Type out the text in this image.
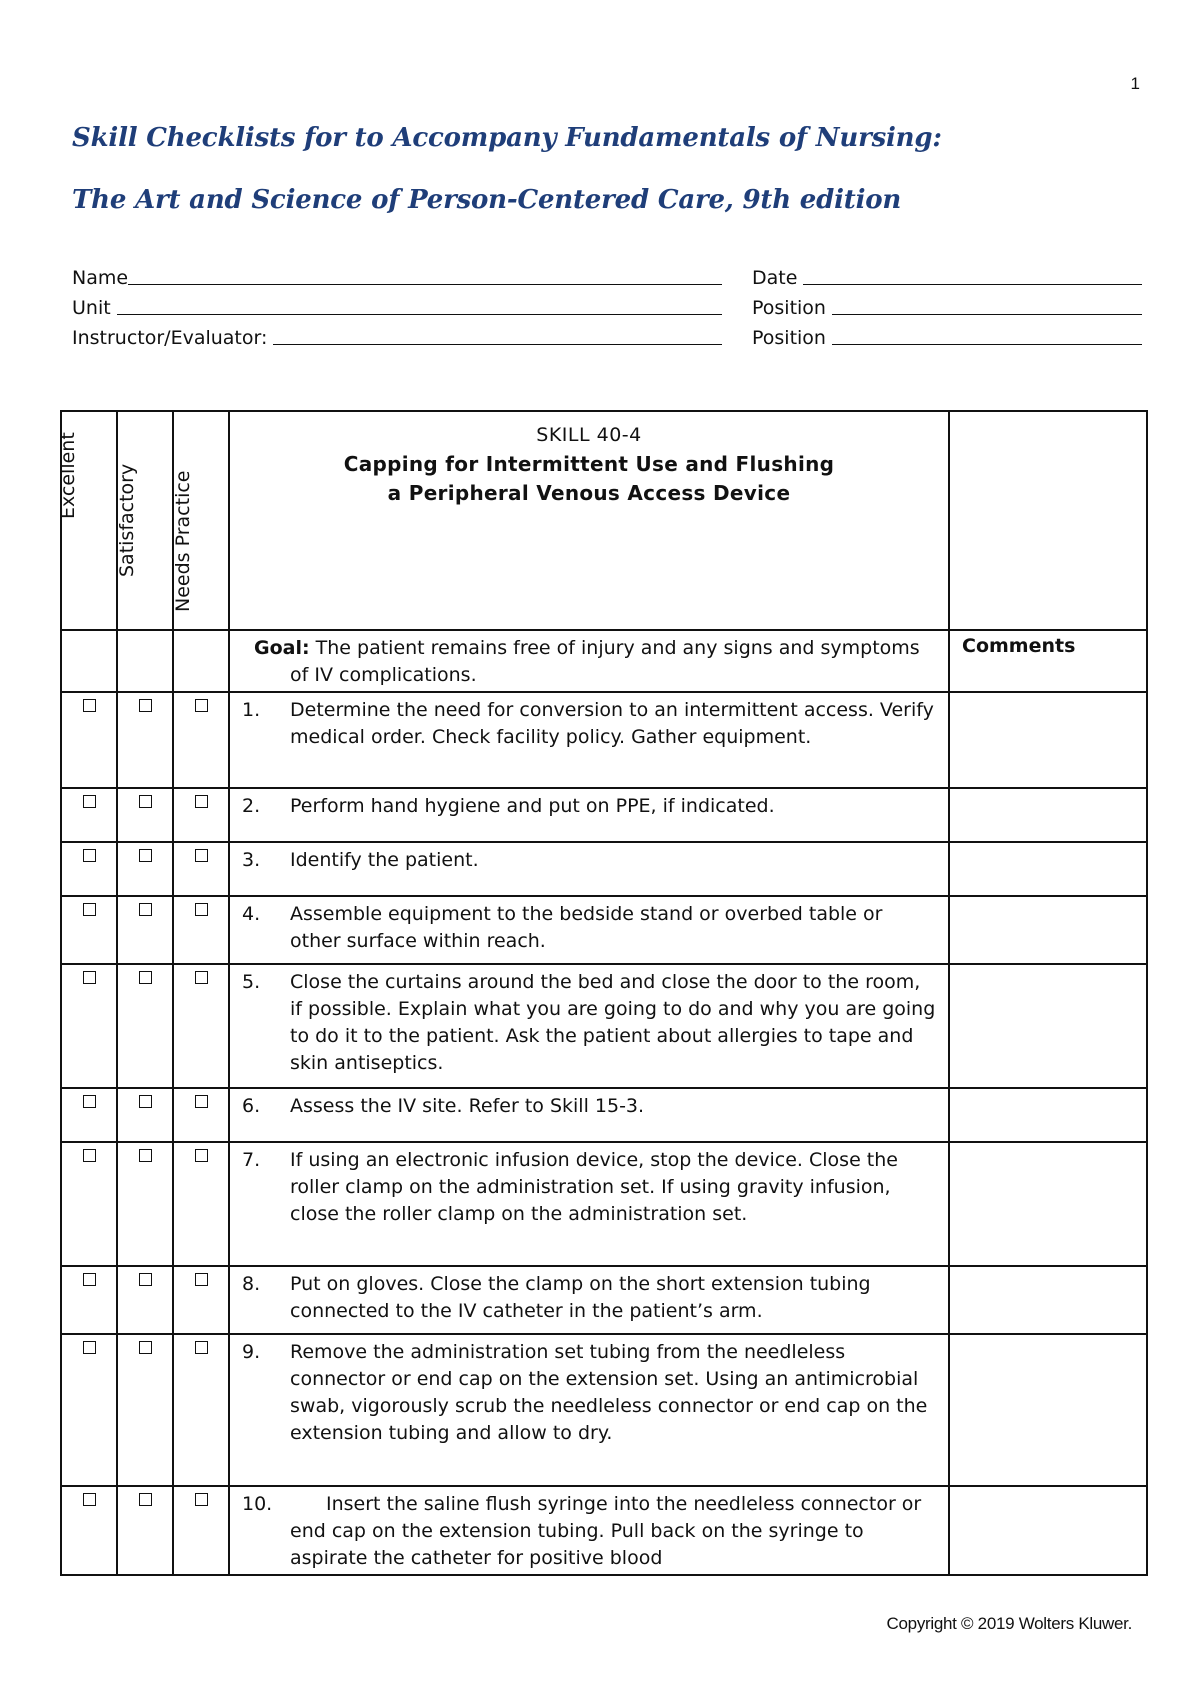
1
Skill Checklists for to Accompany Fundamentals of Nursing:
The Art and Science of Person-Centered Care, 9th edition
Name	Date
Unit	Position
Instructor/Evaluator:	Position
Excellent	Satisfactory	Needs Practice	SKILL 40-4
Capping for Intermittent Use and Flushing
a Peripheral Venous Access Device	

			Goal: The patient remains free of injury and any signs and symptoms of IV complications.	Comments

			1. Determine the need for conversion to an intermittent access. Verify medical order. Check facility policy. Gather equipment.	

			2. Perform hand hygiene and put on PPE, if indicated.	

			3. Identify the patient.	

			4. Assemble equipment to the bedside stand or overbed table or other surface within reach.	

			5. Close the curtains around the bed and close the door to the room, if possible. Explain what you are going to do and why you are going to do it to the patient. Ask the patient about allergies to tape and skin antiseptics.	

			6. Assess the IV site. Refer to Skill 15-3.	

			7. If using an electronic infusion device, stop the device. Close the roller clamp on the administration set. If using gravity infusion, close the roller clamp on the administration set.	

			8. Put on gloves. Close the clamp on the short extension tubing connected to the IV catheter in the patient’s arm.	

			9. Remove the administration set tubing from the needleless connector or end cap on the extension set. Using an antimicrobial swab, vigorously scrub the needleless connector or end cap on the extension tubing and allow to dry.	

			10. Insert the saline flush syringe into the needleless connector or end cap on the extension tubing. Pull back on the syringe to aspirate the catheter for positive blood	

Copyright © 2019 Wolters Kluwer.
